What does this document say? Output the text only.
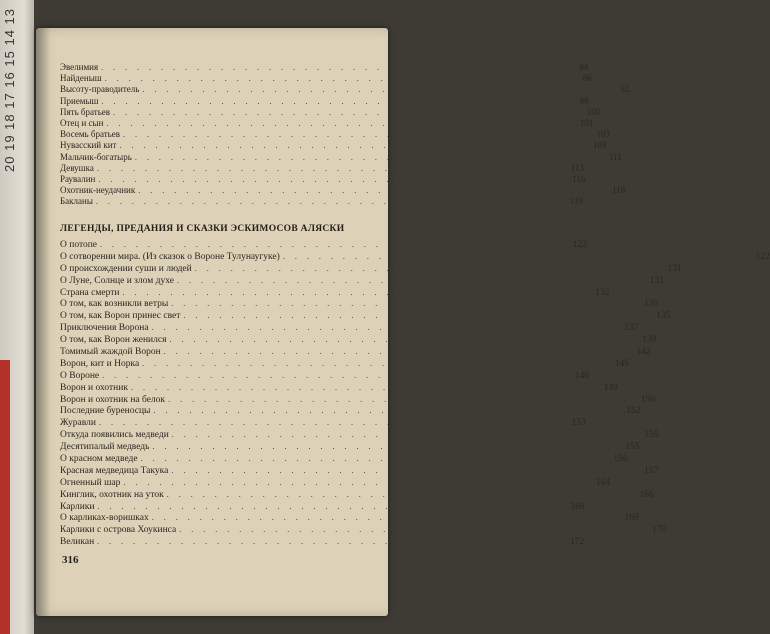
20 19 18 17 16 15 14 13	Эвелимия . . . . . . . . . . . . . . . . . . . . . . . . . . . . . . . . . . . . . . .	84
Найденыш . . . . . . . . . . . . . . . . . . . . . . . . . . . . . . . . . . . . . . .	86
Высоту-праводитель . . . . . . . . . . . . . . . . . . . . . . . . . . . . . . . . . . . . . . .	92
Приемыш . . . . . . . . . . . . . . . . . . . . . . . . . . . . . . . . . . . . . . .	99
Пять братьев . . . . . . . . . . . . . . . . . . . . . . . . . . . . . . . . . . . . . . .	100
Отец и сын . . . . . . . . . . . . . . . . . . . . . . . . . . . . . . . . . . . . . . .	101
Восемь братьев . . . . . . . . . . . . . . . . . . . . . . . . . . . . . . . . . . . . . . .	103
Нувасский кит . . . . . . . . . . . . . . . . . . . . . . . . . . . . . . . . . . . . . . .	109
Мальчик-богатырь . . . . . . . . . . . . . . . . . . . . . . . . . . . . . . . . . . . . . . .	111
Девушка . . . . . . . . . . . . . . . . . . . . . . . . . . . . . . . . . . . . . . .	113
Раувалин . . . . . . . . . . . . . . . . . . . . . . . . . . . . . . . . . . . . . . .	116
Охотник-неудачник . . . . . . . . . . . . . . . . . . . . . . . . . . . . . . . . . . . . . . .	118
Бакланы . . . . . . . . . . . . . . . . . . . . . . . . . . . . . . . . . . . . . . .	119
ЛЕГЕНДЫ, ПРЕДАНИЯ И СКАЗКИ ЭСКИМОСОВ АЛЯСКИ
О потопе . . . . . . . . . . . . . . . . . . . . . . . . . . . . . . . . . . . . . . .	122
О сотворении мира. (Из сказок о Вороне Тулунаугуке) . . . . . . . . . . . . . . . . . . . . . . . . . . . . . . . . . . . . . . .	122
О происхождении суши и людей . . . . . . . . . . . . . . . . . . . . . . . . . . . . . . . . . . . . . . .	131
О Луне, Солнце и злом духе . . . . . . . . . . . . . . . . . . . . . . . . . . . . . . . . . . . . . . .	131
Страна смерти . . . . . . . . . . . . . . . . . . . . . . . . . . . . . . . . . . . . . . .	132
О том, как возникли ветры . . . . . . . . . . . . . . . . . . . . . . . . . . . . . . . . . . . . . . .	135
О том, как Ворон принес свет . . . . . . . . . . . . . . . . . . . . . . . . . . . . . . . . . . . . . . .	135
Приключения Ворона . . . . . . . . . . . . . . . . . . . . . . . . . . . . . . . . . . . . . . .	137
О том, как Ворон женился . . . . . . . . . . . . . . . . . . . . . . . . . . . . . . . . . . . . . . .	139
Томимый жаждой Ворон . . . . . . . . . . . . . . . . . . . . . . . . . . . . . . . . . . . . . . .	142
Ворон, кит и Норка . . . . . . . . . . . . . . . . . . . . . . . . . . . . . . . . . . . . . . .	145
О Вороне . . . . . . . . . . . . . . . . . . . . . . . . . . . . . . . . . . . . . . .	146
Ворон и охотник . . . . . . . . . . . . . . . . . . . . . . . . . . . . . . . . . . . . . . .	149
Ворон и охотник на белок . . . . . . . . . . . . . . . . . . . . . . . . . . . . . . . . . . . . . . .	150
Последние буреносцы . . . . . . . . . . . . . . . . . . . . . . . . . . . . . . . . . . . . . . .	152
Журавли . . . . . . . . . . . . . . . . . . . . . . . . . . . . . . . . . . . . . . .	153
Откуда появились медведи . . . . . . . . . . . . . . . . . . . . . . . . . . . . . . . . . . . . . . .	155
Десятипалый медведь . . . . . . . . . . . . . . . . . . . . . . . . . . . . . . . . . . . . . . .	155
О красном медведе . . . . . . . . . . . . . . . . . . . . . . . . . . . . . . . . . . . . . . .	156
Красная медведица Такука . . . . . . . . . . . . . . . . . . . . . . . . . . . . . . . . . . . . . . .	157
Огненный шар . . . . . . . . . . . . . . . . . . . . . . . . . . . . . . . . . . . . . . .	164
Кинглик, охотник на уток . . . . . . . . . . . . . . . . . . . . . . . . . . . . . . . . . . . . . . .	166
Карлики . . . . . . . . . . . . . . . . . . . . . . . . . . . . . . . . . . . . . . .	168
О карликах-воришках . . . . . . . . . . . . . . . . . . . . . . . . . . . . . . . . . . . . . . .	169
Карлики с острова Хоукинса . . . . . . . . . . . . . . . . . . . . . . . . . . . . . . . . . . . . . . .	170
Великан . . . . . . . . . . . . . . . . . . . . . . . . . . . . . . . . . . . . . . .	172
316
